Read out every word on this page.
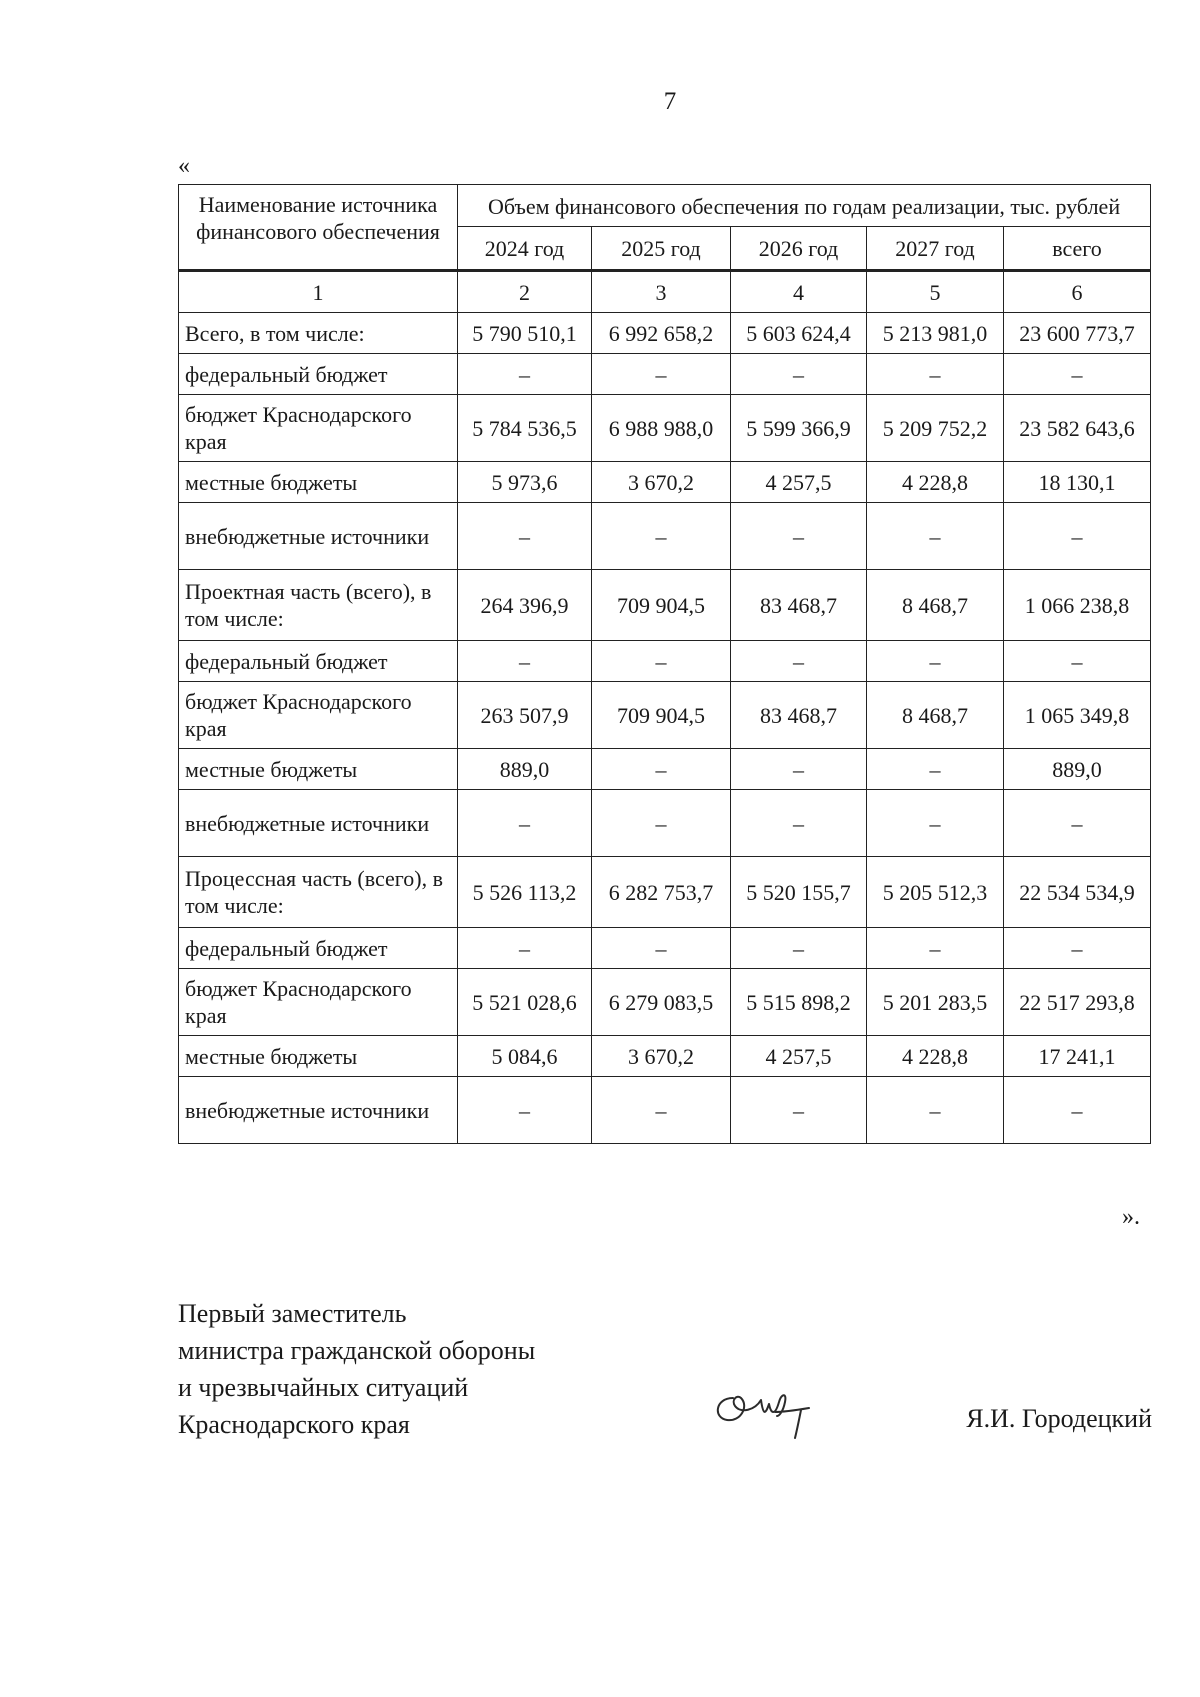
7
«
Наименование источника финансового обеспечения	Объем финансового обеспечения по годам реализации, тыс. рублей				
	2024 год	2025 год	2026 год	2027 год	всего
1	2	3	4	5	6
Всего, в том числе:	5 790 510,1	6 992 658,2	5 603 624,4	5 213 981,0	23 600 773,7
федеральный бюджет	–	–	–	–	–
бюджет Краснодарского края	5 784 536,5	6 988 988,0	5 599 366,9	5 209 752,2	23 582 643,6
местные бюджеты	5 973,6	3 670,2	4 257,5	4 228,8	18 130,1
внебюджетные источники	–	–	–	–	–
Проектная часть (всего), в том числе:	264 396,9	709 904,5	83 468,7	8 468,7	1 066 238,8
федеральный бюджет	–	–	–	–	–
бюджет Краснодарского края	263 507,9	709 904,5	83 468,7	8 468,7	1 065 349,8
местные бюджеты	889,0	–	–	–	889,0
внебюджетные источники	–	–	–	–	–
Процессная часть (всего), в том числе:	5 526 113,2	6 282 753,7	5 520 155,7	5 205 512,3	22 534 534,9
федеральный бюджет	–	–	–	–	–
бюджет Краснодарского края	5 521 028,6	6 279 083,5	5 515 898,2	5 201 283,5	22 517 293,8
местные бюджеты	5 084,6	3 670,2	4 257,5	4 228,8	17 241,1
внебюджетные источники	–	–	–	–	–
».
Первый заместитель
министра гражданской обороны
и чрезвычайных ситуаций
Краснодарского края	Я.И. Городецкий
